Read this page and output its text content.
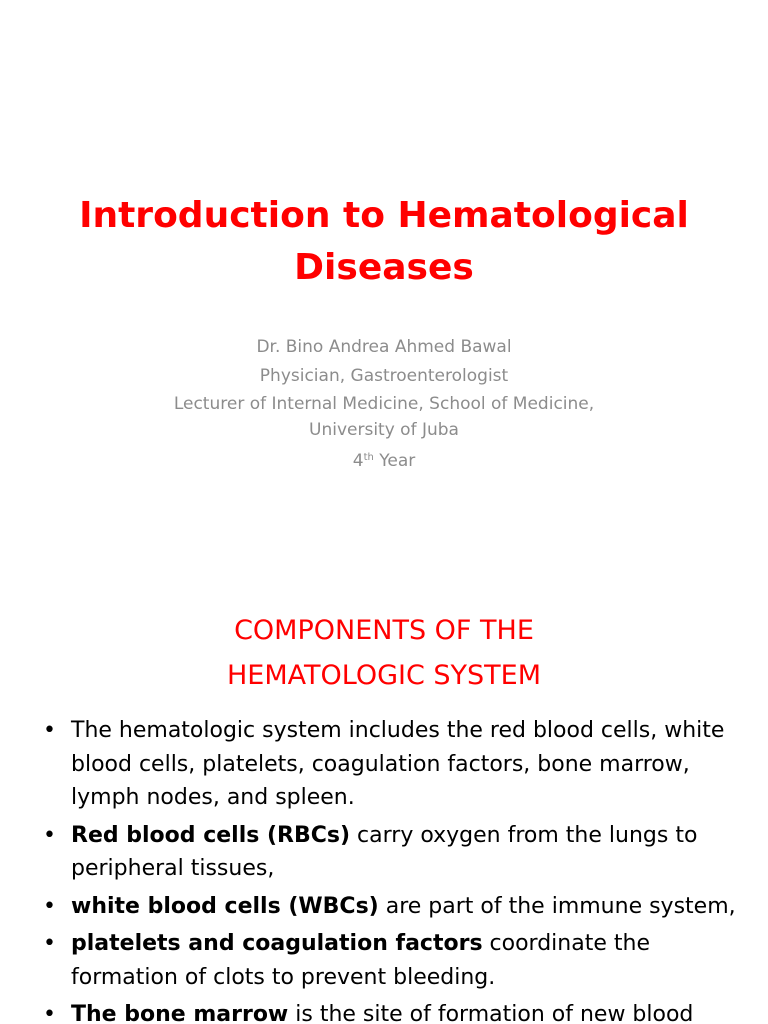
Introduction to Hematological
Diseases
Dr. Bino Andrea Ahmed Bawal
Physician, Gastroenterologist
Lecturer of Internal Medicine, School of Medicine,
University of Juba
4th Year
COMPONENTS OF THE
HEMATOLOGIC SYSTEM
• The hematologic system includes the red blood cells, white blood cells, platelets, coagulation factors, bone marrow, lymph nodes, and spleen.
• Red blood cells (RBCs) carry oxygen from the lungs to peripheral tissues,
• white blood cells (WBCs) are part of the immune system,
• platelets and coagulation factors coordinate the formation of clots to prevent bleeding.
• The bone marrow is the site of formation of new blood
